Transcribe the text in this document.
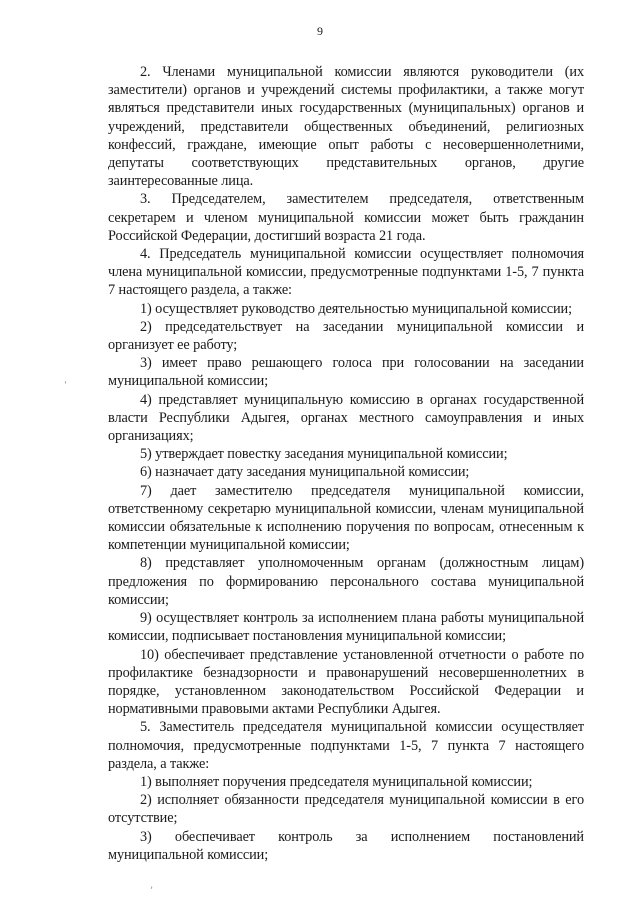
9

2. Членами муниципальной комиссии являются руководители (их заместители) органов и учреждений системы профилактики, а также могут являться представители иных государственных (муниципальных) органов и учреждений, представители общественных объединений, религиозных конфессий, граждане, имеющие опыт работы с несовершеннолетними, депутаты соответствующих представительных органов, другие заинтересованные лица.

3. Председателем, заместителем председателя, ответственным секретарем и членом муниципальной комиссии может быть гражданин Российской Федерации, достигший возраста 21 года.

4. Председатель муниципальной комиссии осуществляет полномочия члена муниципальной комиссии, предусмотренные подпунктами 1-5, 7 пункта 7 настоящего раздела, а также:

1) осуществляет руководство деятельностью муниципальной комиссии;

2) председательствует на заседании муниципальной комиссии и организует ее работу;

3) имеет право решающего голоса при голосовании на заседании муниципальной комиссии;

4) представляет муниципальную комиссию в органах государственной власти Республики Адыгея, органах местного самоуправления и иных организациях;

5) утверждает повестку заседания муниципальной комиссии;

6) назначает дату заседания муниципальной комиссии;

7) дает заместителю председателя муниципальной комиссии, ответственному секретарю муниципальной комиссии, членам муниципальной комиссии обязательные к исполнению поручения по вопросам, отнесенным к компетенции муниципальной комиссии;

8) представляет уполномоченным органам (должностным лицам) предложения по формированию персонального состава муниципальной комиссии;

9) осуществляет контроль за исполнением плана работы муниципальной комиссии, подписывает постановления муниципальной комиссии;

10) обеспечивает представление установленной отчетности о работе по профилактике безнадзорности и правонарушений несовершеннолетних в порядке, установленном законодательством Российской Федерации и нормативными правовыми актами Республики Адыгея.

5. Заместитель председателя муниципальной комиссии осуществляет полномочия, предусмотренные подпунктами 1-5, 7 пункта 7 настоящего раздела, а также:

1) выполняет поручения председателя муниципальной комиссии;

2) исполняет обязанности председателя муниципальной комиссии в его отсутствие;

3) обеспечивает контроль за исполнением постановлений муниципальной комиссии;

'
,
